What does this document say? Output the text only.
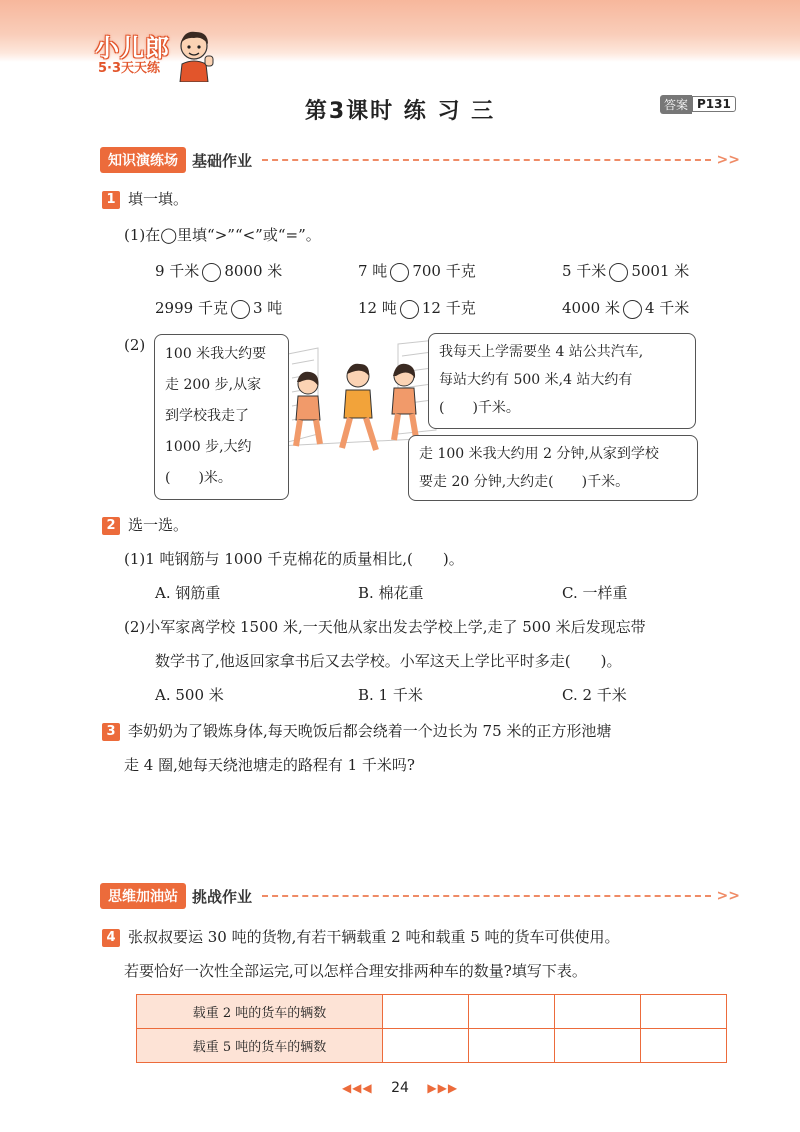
小儿郎
5·3天天练
第3课时 练 习 三	答案 P131
知识演练场 基础作业	>>
1 填一填。
(1)在◯里填“>”“<”或“=”。
9 千米 8000 米	7 吨 700 千克	5 千米 5001 米
2999 千克 3 吨	12 吨 12 千克	4000 米 4 千米
(2) 100 米我大约要
走 200 步,从家
到学校我走了
1000 步,大约
(　　)米。
我每天上学需要坐 4 站公共汽车,
每站大约有 500 米,4 站大约有
(　　)千米。
走 100 米我大约用 2 分钟,从家到学校
要走 20 分钟,大约走(　　)千米。
2 选一选。
(1)1 吨钢筋与 1000 千克棉花的质量相比,(　　)。
A. 钢筋重	B. 棉花重	C. 一样重
(2)小军家离学校 1500 米,一天他从家出发去学校上学,走了 500 米后发现忘带
数学书了,他返回家拿书后又去学校。小军这天上学比平时多走(　　)。
A. 500 米	B. 1 千米	C. 2 千米
3 李奶奶为了锻炼身体,每天晚饭后都会绕着一个边长为 75 米的正方形池塘
走 4 圈,她每天绕池塘走的路程有 1 千米吗?
思维加油站 挑战作业	>>
4 张叔叔要运 30 吨的货物,有若干辆载重 2 吨和载重 5 吨的货车可供使用。
若要恰好一次性全部运完,可以怎样合理安排两种车的数量?填写下表。
载重 2 吨的货车的辆数				
载重 5 吨的货车的辆数				
◀◀◀ 24 ▶▶▶
